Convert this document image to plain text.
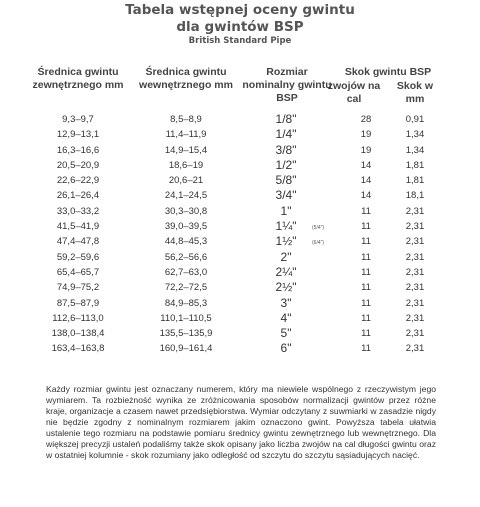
Tabela wstępnej oceny gwintu
dla gwintów BSP
British Standard Pipe
Średnica gwintu zewnętrznego mm
Średnica gwintu wewnętrznego mm
Rozmiar nominalny gwintu BSP
Skok gwintu BSP
zwojów na cal
Skok w mm
9,3–9,7	8,5–8,9	1/8"	28	0,91
12,9–13,1	11,4–11,9	1/4"	19	1,34
16,3–16,6	14,9–15,4	3/8"	19	1,34
20,5–20,9	18,6–19	1/2"	14	1,81
22,6–22,9	20,6–21	5/8"	14	1,81
26,1–26,4	24,1–24,5	3/4"	14	18,1
33,0–33,2	30,3–30,8	1"	11	2,31
41,5–41,9	39,0–39,5	1¼"	(5/4")	11	2,31
47,4–47,8	44,8–45,3	1½"	(6/4")	11	2,31
59,2–59,6	56,2–56,6	2"	11	2,31
65,4–65,7	62,7–63,0	2¼"	11	2,31
74,9–75,2	72,2–72,5	2½"	11	2,31
87,5–87,9	84,9–85,3	3"	11	2,31
112,6–113,0	110,1–110,5	4"	11	2,31
138,0–138,4	135,5–135,9	5"	11	2,31
163,4–163,8	160,9–161,4	6"	11	2,31
Każdy rozmiar gwintu jest oznaczany numerem, który ma niewiele wspólnego z rzeczywistym jego wymiarem. Ta rozbieżność wynika ze zróżnicowania sposobów normalizacji gwintów przez różne kraje, organizacje a czasem nawet przedsiębiorstwa. Wymiar odczytany z suwmiarki w zasadzie nigdy nie będzie zgodny z nominalnym rozmiarem jakim oznaczono gwint. Powyższa tabela ułatwia ustalenie tego rozmiaru na podstawie pomiaru średnicy gwintu zewnętrznego lub wewnętrznego. Dla większej precyzji ustaleń podaliśmy także skok opisany jako liczba zwojów na cal długości gwintu oraz w ostatniej kolumnie - skok rozumiany jako odległość od szczytu do szczytu sąsiadujących nacięć.
